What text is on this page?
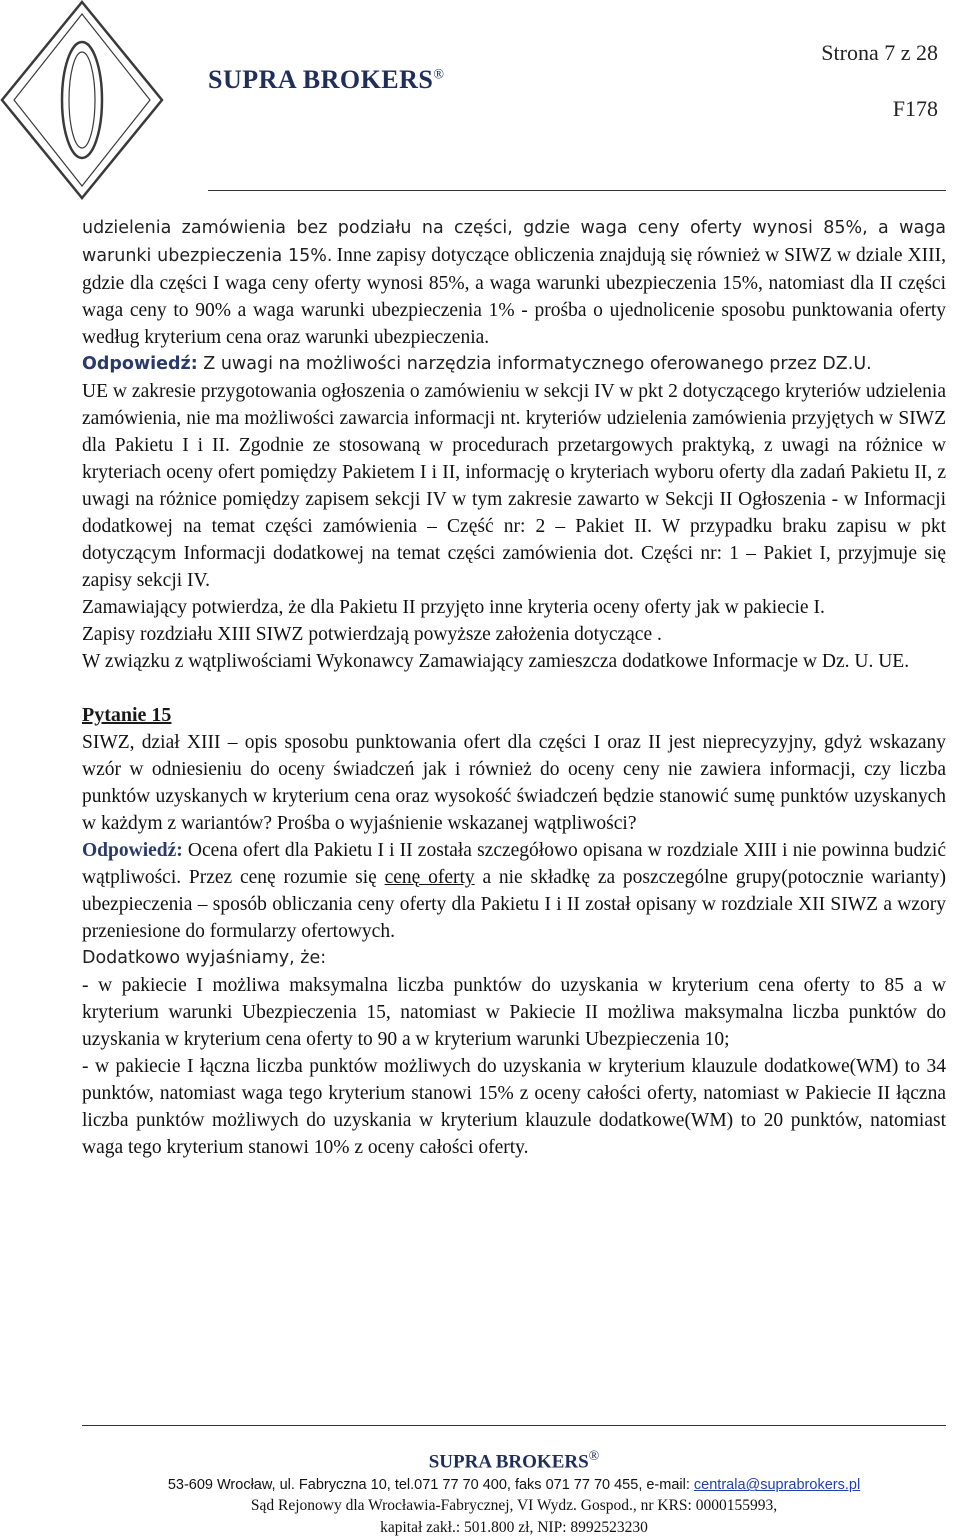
SUPRA BROKERS®
Strona 7 z 28
F178

udzielenia zamówienia bez podziału na części, gdzie waga ceny oferty wynosi 85%, a waga warunki ubezpieczenia 15%. Inne zapisy dotyczące obliczenia znajdują się również w SIWZ w dziale XIII, gdzie dla części I waga ceny oferty wynosi 85%, a waga warunki ubezpieczenia 15%, natomiast dla II części waga ceny to 90% a waga warunki ubezpieczenia 1% - prośba o ujednolicenie sposobu punktowania oferty według kryterium cena oraz warunki ubezpieczenia.

Odpowiedź: Z uwagi na możliwości narzędzia informatycznego oferowanego przez DZ.U.

UE w zakresie przygotowania ogłoszenia o zamówieniu w sekcji IV w pkt 2 dotyczącego kryteriów udzielenia zamówienia, nie ma możliwości zawarcia informacji nt. kryteriów udzielenia zamówienia przyjętych w SIWZ dla Pakietu I i II. Zgodnie ze stosowaną w procedurach przetargowych praktyką, z uwagi na różnice w kryteriach oceny ofert pomiędzy Pakietem I i II, informację o kryteriach wyboru oferty dla zadań Pakietu II, z uwagi na różnice pomiędzy zapisem sekcji IV w tym zakresie zawarto w Sekcji II Ogłoszenia - w Informacji dodatkowej na temat części zamówienia – Część nr: 2 – Pakiet II. W przypadku braku zapisu w pkt dotyczącym Informacji dodatkowej na temat części zamówienia dot. Części nr: 1 – Pakiet I, przyjmuje się zapisy sekcji IV.

Zamawiający potwierdza, że dla Pakietu II przyjęto inne kryteria oceny oferty jak w pakiecie I.

Zapisy rozdziału XIII SIWZ potwierdzają powyższe założenia dotyczące .

W związku z wątpliwościami Wykonawcy Zamawiający zamieszcza dodatkowe Informacje w Dz. U. UE.

Pytanie 15

SIWZ, dział XIII – opis sposobu punktowania ofert dla części I oraz II jest nieprecyzyjny, gdyż wskazany wzór w odniesieniu do oceny świadczeń jak i również do oceny ceny nie zawiera informacji, czy liczba punktów uzyskanych w kryterium cena oraz wysokość świadczeń będzie stanowić sumę punktów uzyskanych w każdym z wariantów? Prośba o wyjaśnienie wskazanej wątpliwości?

Odpowiedź: Ocena ofert dla Pakietu I i II została szczegółowo opisana w rozdziale XIII i nie powinna budzić wątpliwości. Przez cenę rozumie się cenę oferty a nie składkę za poszczególne grupy(potocznie warianty) ubezpieczenia – sposób obliczania ceny oferty dla Pakietu I i II został opisany w rozdziale XII SIWZ a wzory przeniesione do formularzy ofertowych.

Dodatkowo wyjaśniamy, że:

- w pakiecie I możliwa maksymalna liczba punktów do uzyskania w kryterium cena oferty to 85 a w kryterium warunki Ubezpieczenia 15, natomiast w Pakiecie II możliwa maksymalna liczba punktów do uzyskania w kryterium cena oferty to 90 a w kryterium warunki Ubezpieczenia 10;

- w pakiecie I łączna liczba punktów możliwych do uzyskania w kryterium klauzule dodatkowe(WM) to 34 punktów, natomiast waga tego kryterium stanowi 15% z oceny całości oferty, natomiast w Pakiecie II łączna liczba punktów możliwych do uzyskania w kryterium klauzule dodatkowe(WM) to 20 punktów, natomiast waga tego kryterium stanowi 10% z oceny całości oferty.

SUPRA BROKERS®
53-609 Wrocław, ul. Fabryczna 10, tel.071 77 70 400, faks 071 77 70 455, e-mail: centrala@suprabrokers.pl
Sąd Rejonowy dla Wrocławia-Fabrycznej, VI Wydz. Gospod., nr KRS: 0000155993,
kapitał zakł.: 501.800 zł, NIP: 8992523230
